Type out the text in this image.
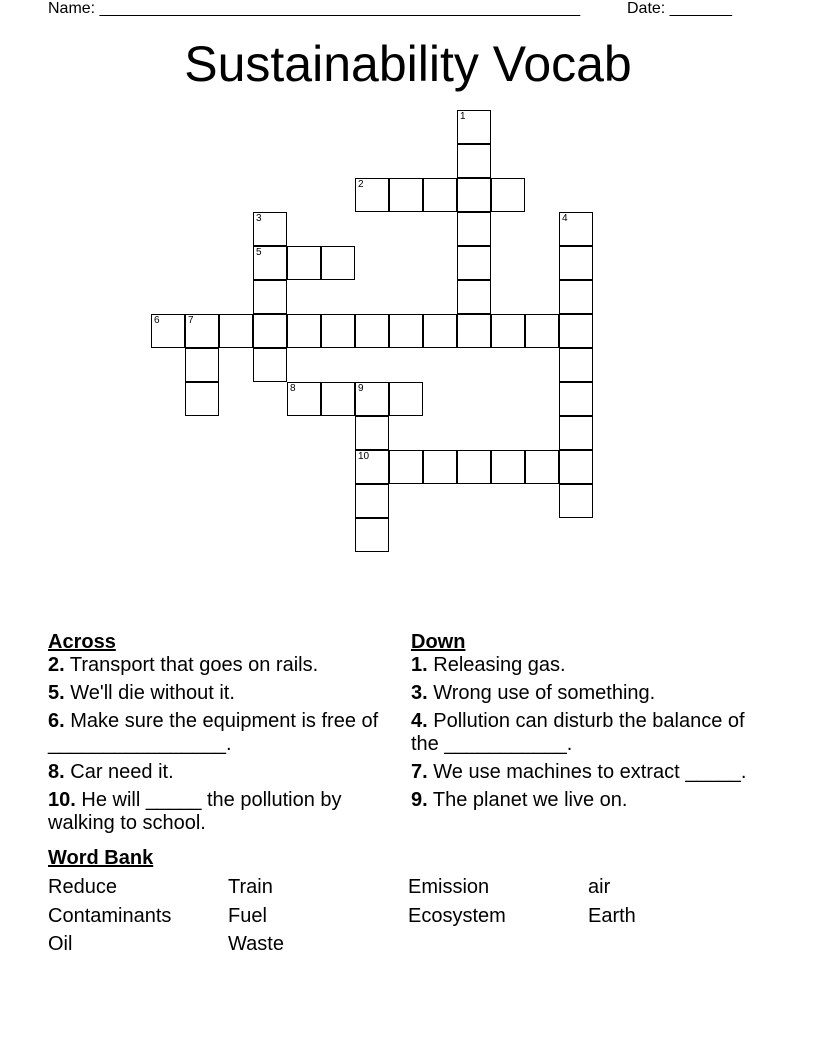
Name: ______________________________________________________	Date: _______
Sustainability Vocab
1
2
3	4
5
6	7
8	9
10
Across
2. Transport that goes on rails.
5. We'll die without it.
6. Make sure the equipment is free of ________________.
8. Car need it.
10. He will _____ the pollution by walking to school.
Down
1. Releasing gas.
3. Wrong use of something.
4. Pollution can disturb the balance of the ___________.
7. We use machines to extract _____.
9. The planet we live on.
Word Bank
Reduce	Train	Emission	air
Contaminants	Fuel	Ecosystem	Earth
Oil	Waste
